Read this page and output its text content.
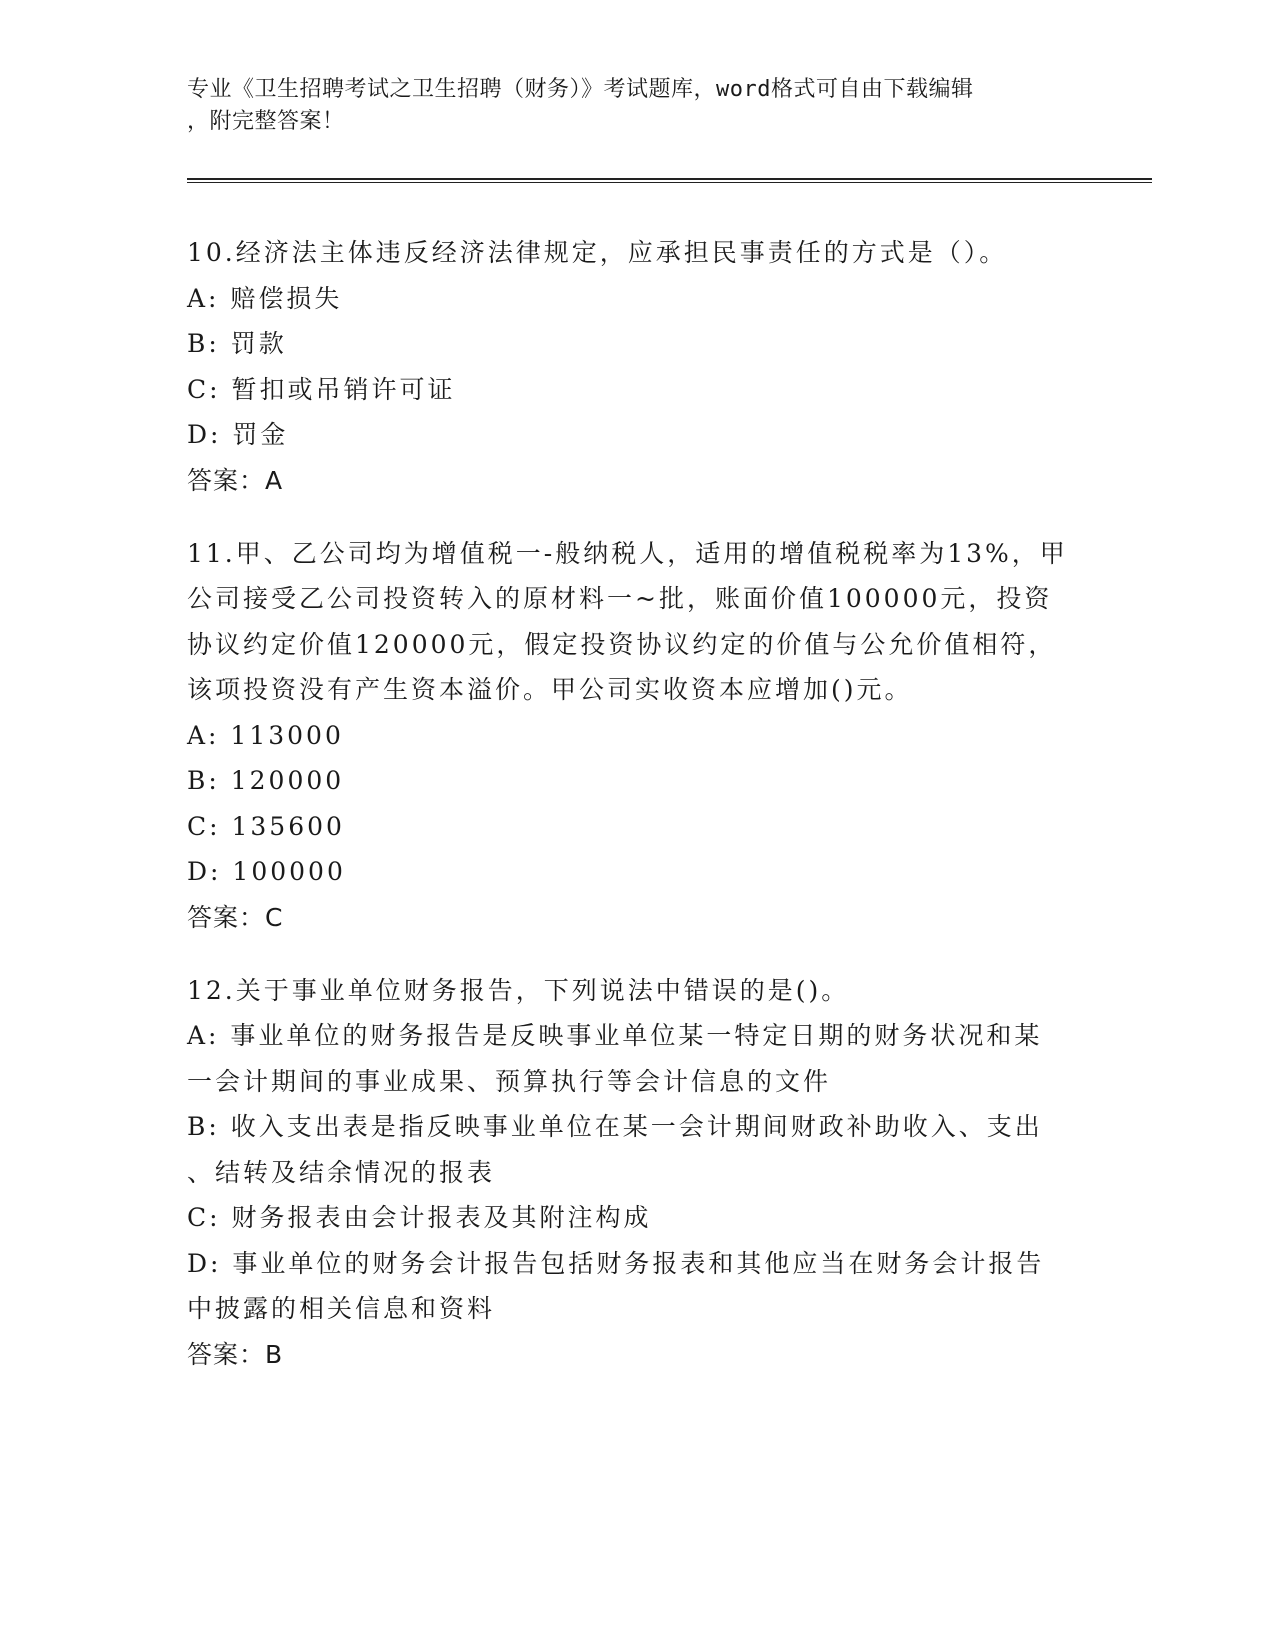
专业《卫生招聘考试之卫生招聘（财务）》考试题库，word格式可自由下载编辑
，附完整答案！
10.经济法主体违反经济法律规定，应承担民事责任的方式是（）。
A: 赔偿损失
B: 罚款
C: 暂扣或吊销许可证
D: 罚金
答案：A
11.甲、乙公司均为增值税一-般纳税人，适用的增值税税率为13%，甲
公司接受乙公司投资转入的原材料一~批，账面价值100000元，投资
协议约定价值120000元，假定投资协议约定的价值与公允价值相符，
该项投资没有产生资本溢价。甲公司实收资本应增加()元。
A: 113000
B: 120000
C: 135600
D: 100000
答案：C
12.关于事业单位财务报告，下列说法中错误的是()。
A: 事业单位的财务报告是反映事业单位某一特定日期的财务状况和某
一会计期间的事业成果、预算执行等会计信息的文件
B: 收入支出表是指反映事业单位在某一会计期间财政补助收入、支出
、结转及结余情况的报表
C: 财务报表由会计报表及其附注构成
D: 事业单位的财务会计报告包括财务报表和其他应当在财务会计报告
中披露的相关信息和资料
答案：B
